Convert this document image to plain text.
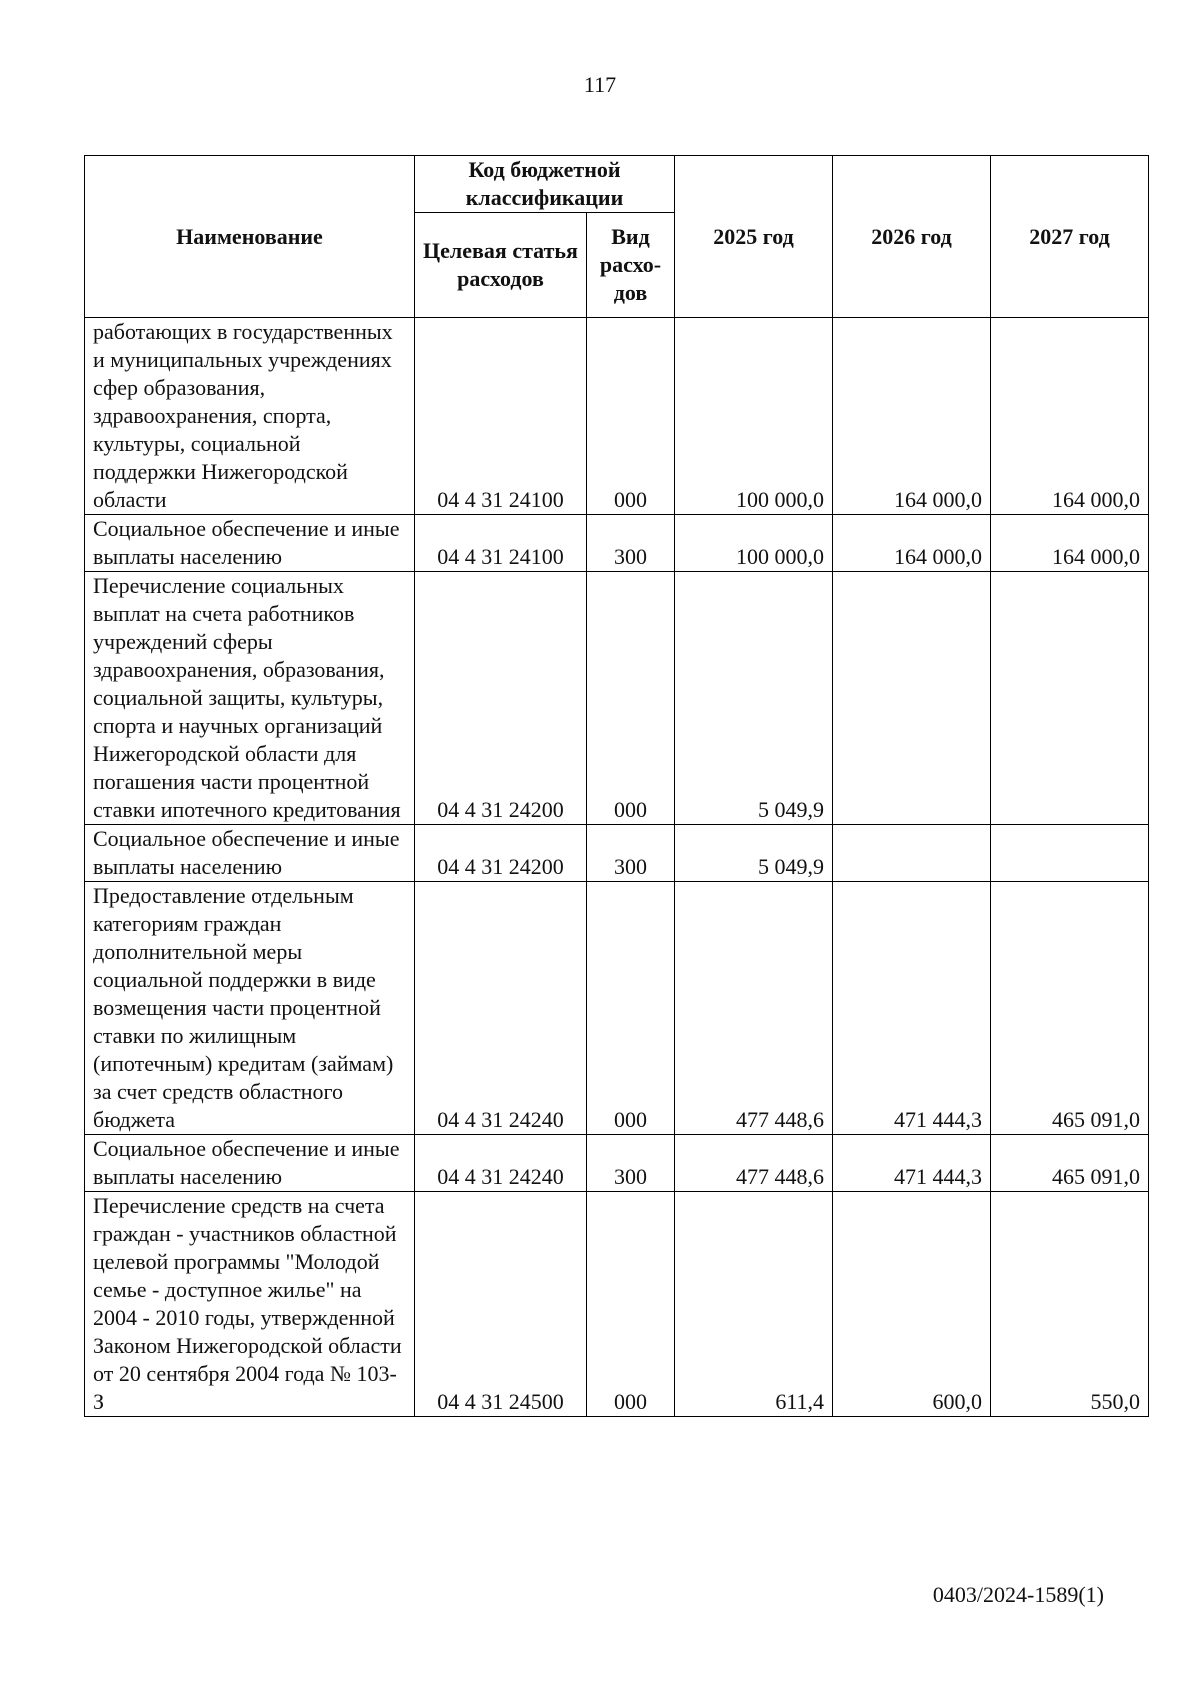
117
Наименование	Код бюджетной классификации		2025 год	2026 год	2027 год
	Целевая статья расходов	Вид расхо-дов			
работающих в государственных и муниципальных учреждениях сфер образования, здравоохранения, спорта, культуры, социальной поддержки Нижегородской области	04 4 31 24100	000	100 000,0	164 000,0	164 000,0
Социальное обеспечение и иные выплаты населению	04 4 31 24100	300	100 000,0	164 000,0	164 000,0
Перечисление социальных выплат на счета работников учреждений сферы здравоохранения, образования, социальной защиты, культуры, спорта и научных организаций Нижегородской области для погашения части процентной ставки ипотечного кредитования	04 4 31 24200	000	5 049,9		
Социальное обеспечение и иные выплаты населению	04 4 31 24200	300	5 049,9		
Предоставление отдельным категориям граждан дополнительной меры социальной поддержки в виде возмещения части процентной ставки по жилищным (ипотечным) кредитам (займам) за счет средств областного бюджета	04 4 31 24240	000	477 448,6	471 444,3	465 091,0
Социальное обеспечение и иные выплаты населению	04 4 31 24240	300	477 448,6	471 444,3	465 091,0
Перечисление средств на счета граждан - участников областной целевой программы "Молодой семье - доступное жилье" на 2004 - 2010 годы, утвержденной Законом Нижегородской области от 20 сентября 2004 года № 103-З	04 4 31 24500	000	611,4	600,0	550,0
0403/2024-1589(1)
